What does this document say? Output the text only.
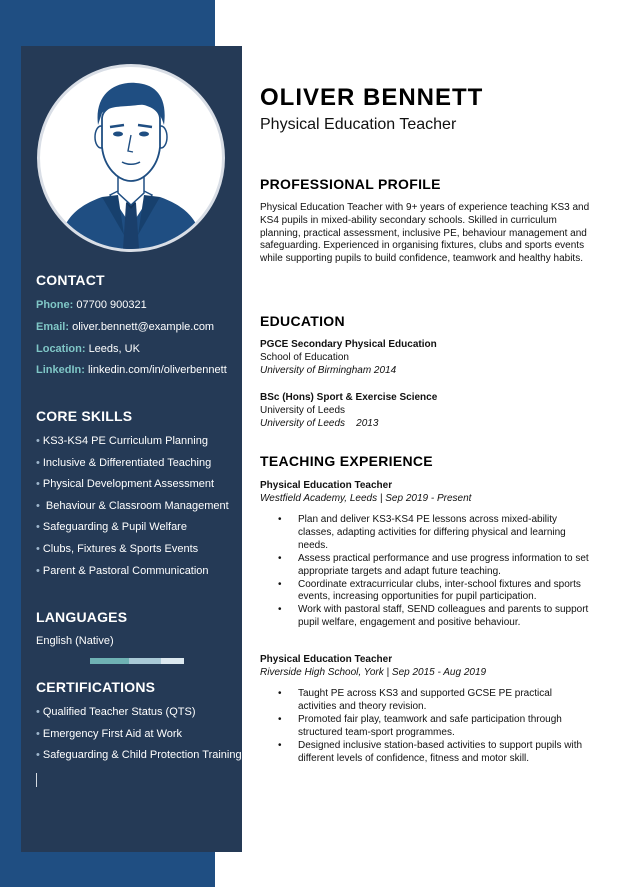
CONTACT
Phone: 07700 900321
Email: oliver.bennett@example.com
Location: Leeds, UK
LinkedIn: linkedin.com/in/oliverbennett
CORE SKILLS
• KS3-KS4 PE Curriculum Planning
• Inclusive & Differentiated Teaching
• Physical Development Assessment
• Behaviour & Classroom Management
• Safeguarding & Pupil Welfare
• Clubs, Fixtures & Sports Events
• Parent & Pastoral Communication
LANGUAGES
English (Native)
CERTIFICATIONS
• Qualified Teacher Status (QTS)
• Emergency First Aid at Work
• Safeguarding & Child Protection Training
OLIVER BENNETT
Physical Education Teacher
PROFESSIONAL PROFILE
Physical Education Teacher with 9+ years of experience teaching KS3 and KS4 pupils in mixed-ability secondary schools. Skilled in curriculum planning, practical assessment, inclusive PE, behaviour management and safeguarding. Experienced in organising fixtures, clubs and sports events while supporting pupils to build confidence, teamwork and healthy habits.
EDUCATION
PGCE Secondary Physical Education
School of Education
University of Birmingham 2014
BSc (Hons) Sport & Exercise Science
University of Leeds
University of Leeds    2013
TEACHING EXPERIENCE
Physical Education Teacher
Westfield Academy, Leeds | Sep 2019 - Present
• Plan and deliver KS3-KS4 PE lessons across mixed-ability classes, adapting activities for differing physical and learning needs.
• Assess practical performance and use progress information to set appropriate targets and adapt future teaching.
• Coordinate extracurricular clubs, inter-school fixtures and sports events, increasing opportunities for pupil participation.
• Work with pastoral staff, SEND colleagues and parents to support pupil welfare, engagement and positive behaviour.
Physical Education Teacher
Riverside High School, York | Sep 2015 - Aug 2019
• Taught PE across KS3 and supported GCSE PE practical activities and theory revision.
• Promoted fair play, teamwork and safe participation through structured team-sport programmes.
• Designed inclusive station-based activities to support pupils with different levels of confidence, fitness and motor skill.
